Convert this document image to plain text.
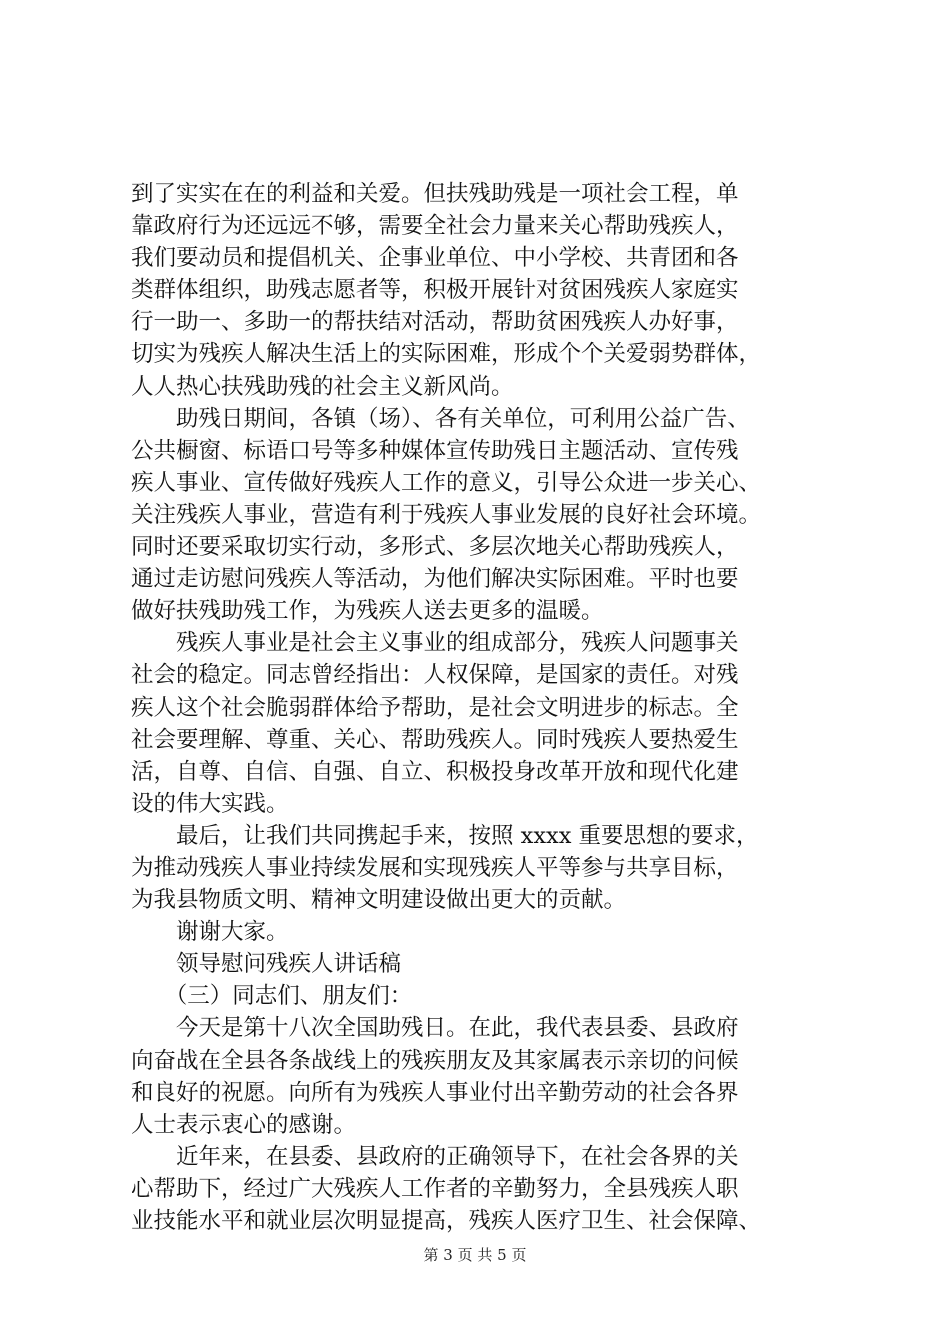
到了实实在在的利益和关爱。但扶残助残是一项社会工程，单
靠政府行为还远远不够，需要全社会力量来关心帮助残疾人，
我们要动员和提倡机关、企事业单位、中小学校、共青团和各
类群体组织，助残志愿者等，积极开展针对贫困残疾人家庭实
行一助一、多助一的帮扶结对活动，帮助贫困残疾人办好事，
切实为残疾人解决生活上的实际困难，形成个个关爱弱势群体，
人人热心扶残助残的社会主义新风尚。
　　助残日期间，各镇（场）、各有关单位，可利用公益广告、
公共橱窗、标语口号等多种媒体宣传助残日主题活动、宣传残
疾人事业、宣传做好残疾人工作的意义，引导公众进一步关心、
关注残疾人事业，营造有利于残疾人事业发展的良好社会环境。
同时还要采取切实行动，多形式、多层次地关心帮助残疾人，
通过走访慰问残疾人等活动，为他们解决实际困难。平时也要
做好扶残助残工作，为残疾人送去更多的温暖。
　　残疾人事业是社会主义事业的组成部分，残疾人问题事关
社会的稳定。同志曾经指出：人权保障，是国家的责任。对残
疾人这个社会脆弱群体给予帮助，是社会文明进步的标志。全
社会要理解、尊重、关心、帮助残疾人。同时残疾人要热爱生
活，自尊、自信、自强、自立、积极投身改革开放和现代化建
设的伟大实践。
　　最后，让我们共同携起手来，按照 xxxx 重要思想的要求，
为推动残疾人事业持续发展和实现残疾人平等参与共享目标，
为我县物质文明、精神文明建设做出更大的贡献。
　　谢谢大家。
　　领导慰问残疾人讲话稿
　　（三）同志们、朋友们：
　　今天是第十八次全国助残日。在此，我代表县委、县政府
向奋战在全县各条战线上的残疾朋友及其家属表示亲切的问候
和良好的祝愿。向所有为残疾人事业付出辛勤劳动的社会各界
人士表示衷心的感谢。
　　近年来，在县委、县政府的正确领导下，在社会各界的关
心帮助下，经过广大残疾人工作者的辛勤努力，全县残疾人职
业技能水平和就业层次明显提高，残疾人医疗卫生、社会保障、
第 3 页 共 5 页
